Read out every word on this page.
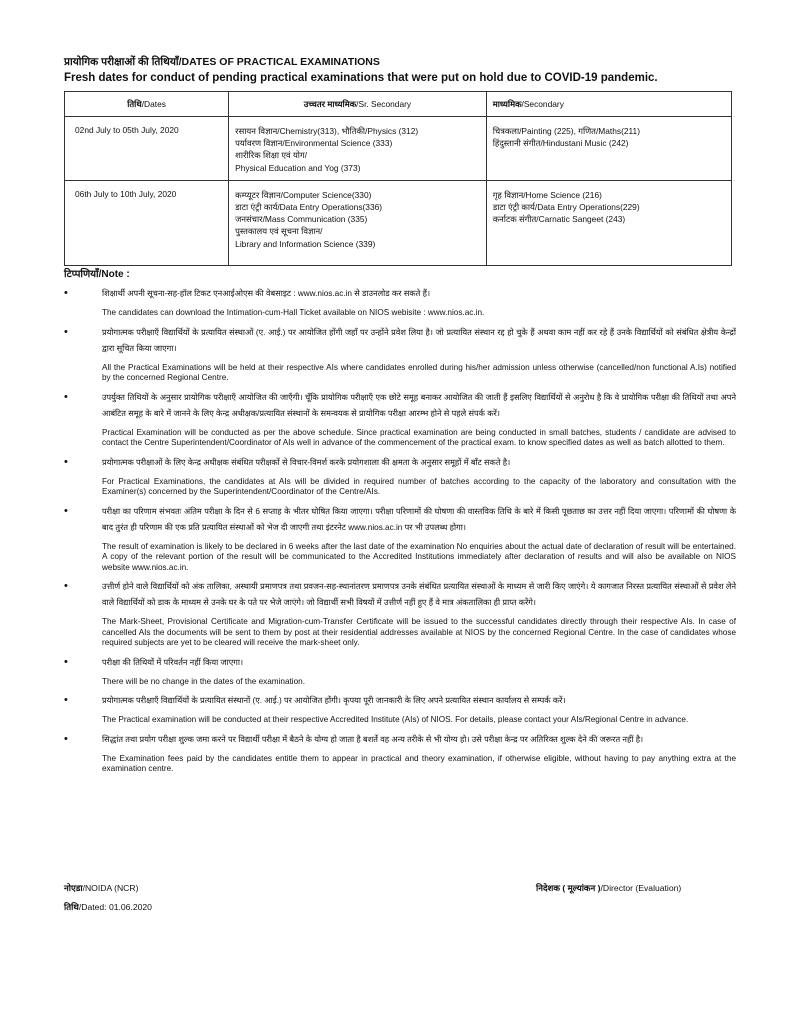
प्रायोगिक परीक्षाओं की तिथियाँ/DATES OF PRACTICAL EXAMINATIONS
Fresh dates for conduct of pending practical examinations that were put on hold due to COVID-19 pandemic.
तिथि/Dates	उच्चतर माध्यमिक/Sr. Secondary	माध्यमिक/Secondary
02nd July to 05th July, 2020	रसायन विज्ञान/Chemistry(313), भौतिकी/Physics (312)
पर्यावरण विज्ञान/Environmental Science (333)
शारीरिक शिक्षा एवं योग/
Physical Education and Yog (373)	चित्रकला/Painting (225), गणित/Maths(211)
हिंदुस्तानी संगीत/Hindustani Music (242)

06th July to 10th July, 2020	कम्प्यूटर विज्ञान/Computer Science(330)
डाटा एंट्री कार्य/Data Entry Operations(336)
जनसंचार/Mass Communication (335)
पुस्तकालय एवं सूचना विज्ञान/
Library and Information Science (339)	गृह विज्ञान/Home Science (216)
डाटा एंट्री कार्य/Data Entry Operations(229)
कर्नाटक संगीत/Carnatic Sangeet (243)
टिप्पणियाँ/Note :
•	शिक्षार्थी अपनी सूचना-सह-हॉल टिकट एनआईओएस की वेबसाइट : www.nios.ac.in से डाउनलोड कर सकते हैं।

The candidates can download the Intimation-cum-Hall Ticket available on NIOS webisite : www.nios.ac.in.

•	प्रयोगात्मक परीक्षाएँ विद्यार्थियों के प्रत्यायित संस्थाओं (ए. आई.) पर आयोजित होंगी जहाँ पर उन्होंने प्रवेश लिया है। जो प्रत्यायित संस्थान रद्द हो चुके हैं अथवा काम नहीं कर रहे हैं उनके विद्यार्थियों को संबंधित क्षेत्रीय केन्द्रों द्वारा सूचित किया जाएगा।

All the Practical Examinations will be held at their respective AIs where candidates enrolled during his/her admission unless otherwise (cancelled/non functional A.Is) notified by the concerned Regional Centre.

•	उपर्युक्त तिथियों के अनुसार प्रायोगिक परीक्षाएँ आयोजित की जाएँगी। चूँकि प्रायोगिक परीक्षाएँ एक छोटे समूह बनाकर आयोजित की जाती हैं इसलिए विद्यार्थियों से अनुरोध है कि वे प्रायोगिक परीक्षा की तिथियों तथा अपने आबंटित समूह के बारे में जानने के लिए केन्द्र अधीक्षक/प्रत्यायित संस्थानों के समन्वयक से प्रायोगिक परीक्षा आरम्भ होने से पहले संपर्क करें।

Practical Examination will be conducted as per the above schedule. Since practical examination are being conducted in small batches, students / candidate are advised to contact the Centre Superintendent/Coordinator of AIs well in advance of the commencement of the practical exam. to know specified dates as well as batch allotted to them.

•	प्रयोगात्मक परीक्षाओं के लिए केन्द्र अधीक्षक संबंधित परीक्षकों से विचार-विमर्श करके प्रयोगशाला की क्षमता के अनुसार समूहों में बाँट सकते है।

For Practical Examinations, the candidates at AIs will be divided in required number of batches according to the capacity of the laboratory and consultation with the Examiner(s) concerned by the Superintendent/Coordinator of the Centre/AIs.

•	परीक्षा का परिणाम संभवतः अंतिम परीक्षा के दिन से 6 सप्ताह के भीतर घोषित किया जाएगा। परीक्षा परिणामों की घोषणा की वास्तविक तिथि के बारे में किसी पूछताछ का उत्तर नहीं दिया जाएगा। परिणामों की घोषणा के बाद तुरंत ही परिणाम की एक प्रति प्रत्यायित संस्थाओं को भेज दी जाएगी तथा इंटरनेट www.nios.ac.in पर भी उपलब्ध होगा।

The result of examination is likely to be declared in 6 weeks after the last date of the examination No enquiries about the actual date of declaration of result will be entertained. A copy of the relevant portion of the result will be communicated to the Accredited Institutions immediately after declaration of results and will also be available on NIOS website www.nios.ac.in.

•	उत्तीर्ण होने वाले विद्यार्थियों को अंक तालिका, अस्थायी प्रमाणपत्र तथा प्रवजन-सह-स्थानांतरण प्रमाणपत्र उनके संबंधित प्रत्यायित संस्थाओं के माध्यम से जारी किए जाएंगे। ये कागजात निरस्त प्रत्यायित संस्थाओं से प्रवेश लेने वाले विद्यार्थियों को डाक के माध्यम से उनके घर के पते पर भेजे जाएंगे। जो विद्यार्थी सभी विषयों में उत्तीर्ण नहीं हुए हैं वे मात्र अंकतालिका ही प्राप्त करेंगे।

The Mark-Sheet, Provisional Certificate and Migration-cum-Transfer Certificate will be issued to the successful candidates directly through their respective AIs. In case of cancelled AIs the documents will be sent to them by post at their residential addresses available at NIOS by the concerned Regional Centre. In the case of candidates whose required subjects are yet to be cleared will receive the mark-sheet only.

•	परीक्षा की तिथियों में परिवर्तन नहीं किया जाएगा।

There will be no change in the dates of the examination.

•	प्रयोगात्मक परीक्षाएँ विद्यार्थियों के प्रत्यायित संस्थानों (ए. आई.) पर आयोजित होंगी। कृपया पूरी जानकारी के लिए अपने प्रत्यायित संस्थान कार्यालय से सम्पर्क करें।

The Practical examination will be conducted at their respective Accredited Institute (AIs) of NIOS. For details, please contact your AIs/Regional Centre in advance.

•	सिद्धांत तथा प्रयोग परीक्षा शुल्क जमा करने पर विद्यार्थी परीक्षा में बैठने के योग्य हो जाता है बशर्ते वह अन्य तरीके से भी योग्य हो। उसे परीक्षा केन्द्र पर अतिरिक्त शुल्क देने की जरूरत नहीं है।

The Examination fees paid by the candidates entitle them to appear in practical and theory examination, if otherwise eligible, without having to pay anything extra at the examination centre.

नोएडा/NOIDA (NCR)
तिथि/Dated: 01.06.2020
निदेशक ( मूल्यांकन )/Director (Evaluation)
